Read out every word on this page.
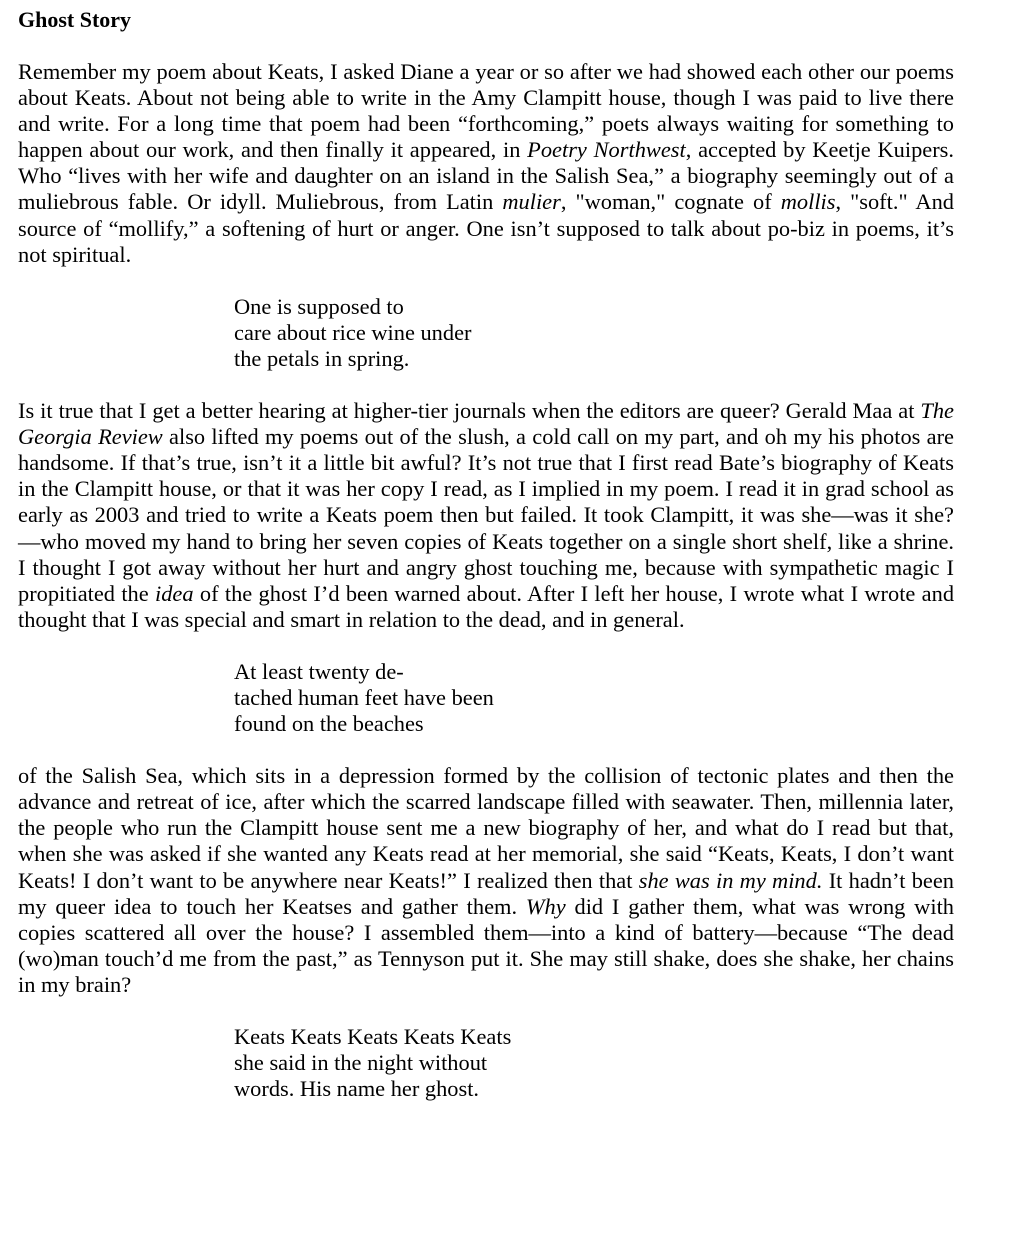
Ghost Story

Remember my poem about Keats, I asked Diane a year or so after we had showed each other our poems about Keats. About not being able to write in the Amy Clampitt house, though I was paid to live there and write. For a long time that poem had been “forthcoming,” poets always waiting for something to happen about our work, and then finally it appeared, in Poetry Northwest, accepted by Keetje Kuipers. Who “lives with her wife and daughter on an island in the Salish Sea,” a biography seemingly out of a muliebrous fable. Or idyll. Muliebrous, from Latin mulier, "woman," cognate of mollis, "soft." And source of “mollify,” a softening of hurt or anger. One isn’t supposed to talk about po-biz in poems, it’s not spiritual.

One is supposed to
care about rice wine under
the petals in spring.

Is it true that I get a better hearing at higher-tier journals when the editors are queer? Gerald Maa at The Georgia Review also lifted my poems out of the slush, a cold call on my part, and oh my his photos are handsome. If that’s true, isn’t it a little bit awful? It’s not true that I first read Bate’s biography of Keats in the Clampitt house, or that it was her copy I read, as I implied in my poem. I read it in grad school as early as 2003 and tried to write a Keats poem then but failed. It took Clampitt, it was she—was it she?—who moved my hand to bring her seven copies of Keats together on a single short shelf, like a shrine. I thought I got away without her hurt and angry ghost touching me, because with sympathetic magic I propitiated the idea of the ghost I’d been warned about. After I left her house, I wrote what I wrote and thought that I was special and smart in relation to the dead, and in general.

At least twenty de-
tached human feet have been
found on the beaches

of the Salish Sea, which sits in a depression formed by the collision of tectonic plates and then the advance and retreat of ice, after which the scarred landscape filled with seawater. Then, millennia later, the people who run the Clampitt house sent me a new biography of her, and what do I read but that, when she was asked if she wanted any Keats read at her memorial, she said “Keats, Keats, I don’t want Keats! I don’t want to be anywhere near Keats!” I realized then that she was in my mind. It hadn’t been my queer idea to touch her Keatses and gather them. Why did I gather them, what was wrong with copies scattered all over the house? I assembled them—into a kind of battery—because “The dead (wo)man touch’d me from the past,” as Tennyson put it. She may still shake, does she shake, her chains in my brain?

Keats Keats Keats Keats Keats
she said in the night without
words. His name her ghost.
